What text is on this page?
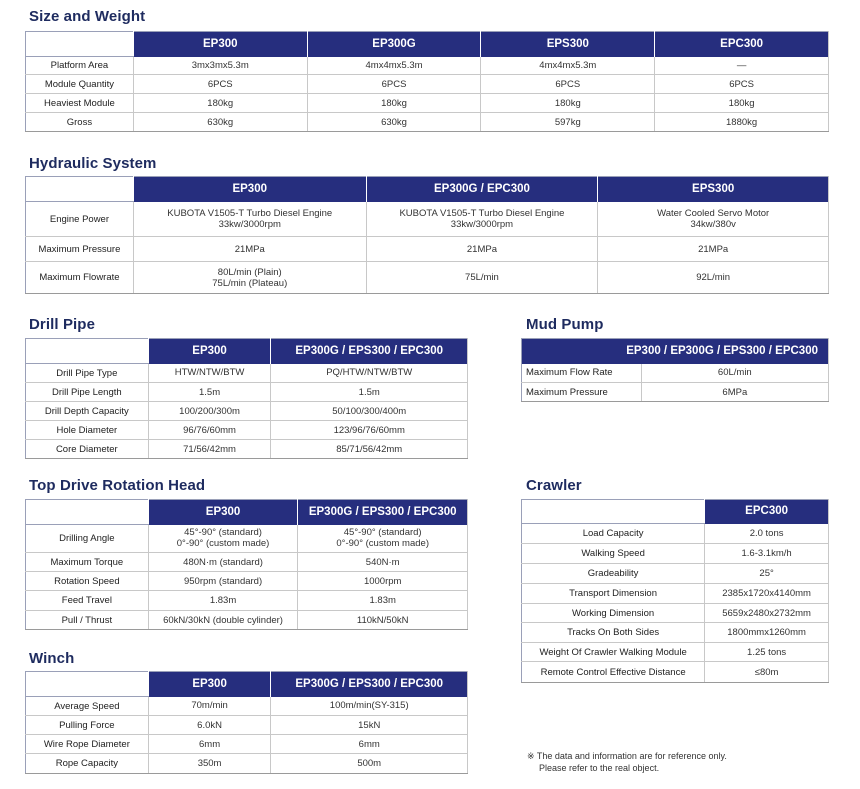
Size and Weight
	EP300	EP300G	EPS300	EPC300
Platform Area	3mx3mx5.3m	4mx4mx5.3m	4mx4mx5.3m	—
Module Quantity	6PCS	6PCS	6PCS	6PCS
Heaviest Module	180kg	180kg	180kg	180kg
Gross	630kg	630kg	597kg	1880kg
Hydraulic System
	EP300	EP300G / EPC300	EPS300
Engine Power	KUBOTA V1505-T Turbo Diesel Engine
33kw/3000rpm	KUBOTA V1505-T Turbo Diesel Engine
33kw/3000rpm	Water Cooled Servo Motor
34kw/380v

Maximum Pressure	21MPa	21MPa	21MPa
Maximum Flowrate	80L/min (Plain)
75L/min (Plateau)	75L/min	92L/min
Drill Pipe
	EP300	EP300G / EPS300 / EPC300
Drill Pipe Type	HTW/NTW/BTW	PQ/HTW/NTW/BTW
Drill Pipe Length	1.5m	1.5m
Drill Depth Capacity	100/200/300m	50/100/300/400m
Hole Diameter	96/76/60mm	123/96/76/60mm
Core Diameter	71/56/42mm	85/71/56/42mm
Mud Pump
EP300 / EP300G / EPS300 / EPC300	
Maximum Flow Rate	60L/min
Maximum Pressure	6MPa
Top Drive Rotation Head
	EP300	EP300G / EPS300 / EPC300
Drilling Angle	45°-90° (standard)
0°-90° (custom made)	45°-90° (standard)
0°-90° (custom made)

Maximum Torque	480N·m (standard)	540N·m
Rotation Speed	950rpm (standard)	1000rpm
Feed Travel	1.83m	1.83m
Pull / Thrust	60kN/30kN (double cylinder)	110kN/50kN
Winch
	EP300	EP300G / EPS300 / EPC300
Average Speed	70m/min	100m/min(SY-315)
Pulling Force	6.0kN	15kN
Wire Rope Diameter	6mm	6mm
Rope Capacity	350m	500m
Crawler
	EPC300
Load Capacity	2.0 tons
Walking Speed	1.6-3.1km/h
Gradeability	25°
Transport Dimension	2385x1720x4140mm
Working Dimension	5659x2480x2732mm
Tracks On Both Sides	1800mmx1260mm
Weight Of Crawler Walking Module	1.25 tons
Remote Control Effective Distance	≤80m
※ The data and information are for reference only.
Please refer to the real object.
